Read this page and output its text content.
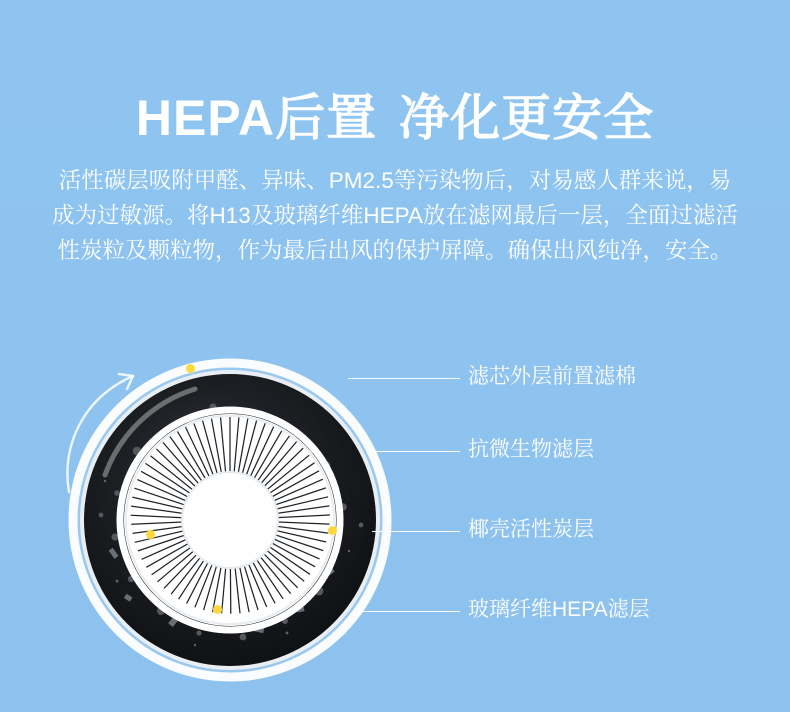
HEPA后置 净化更安全

活性碳层吸附甲醛、异味、PM2.5等污染物后，对易感人群来说，易成为过敏源。将H13及玻璃纤维HEPA放在滤网最后一层，全面过滤活性炭粒及颗粒物，作为最后出风的保护屏障。确保出风纯净，安全。

滤芯外层前置滤棉
抗微生物滤层
椰壳活性炭层
玻璃纤维HEPA滤层
